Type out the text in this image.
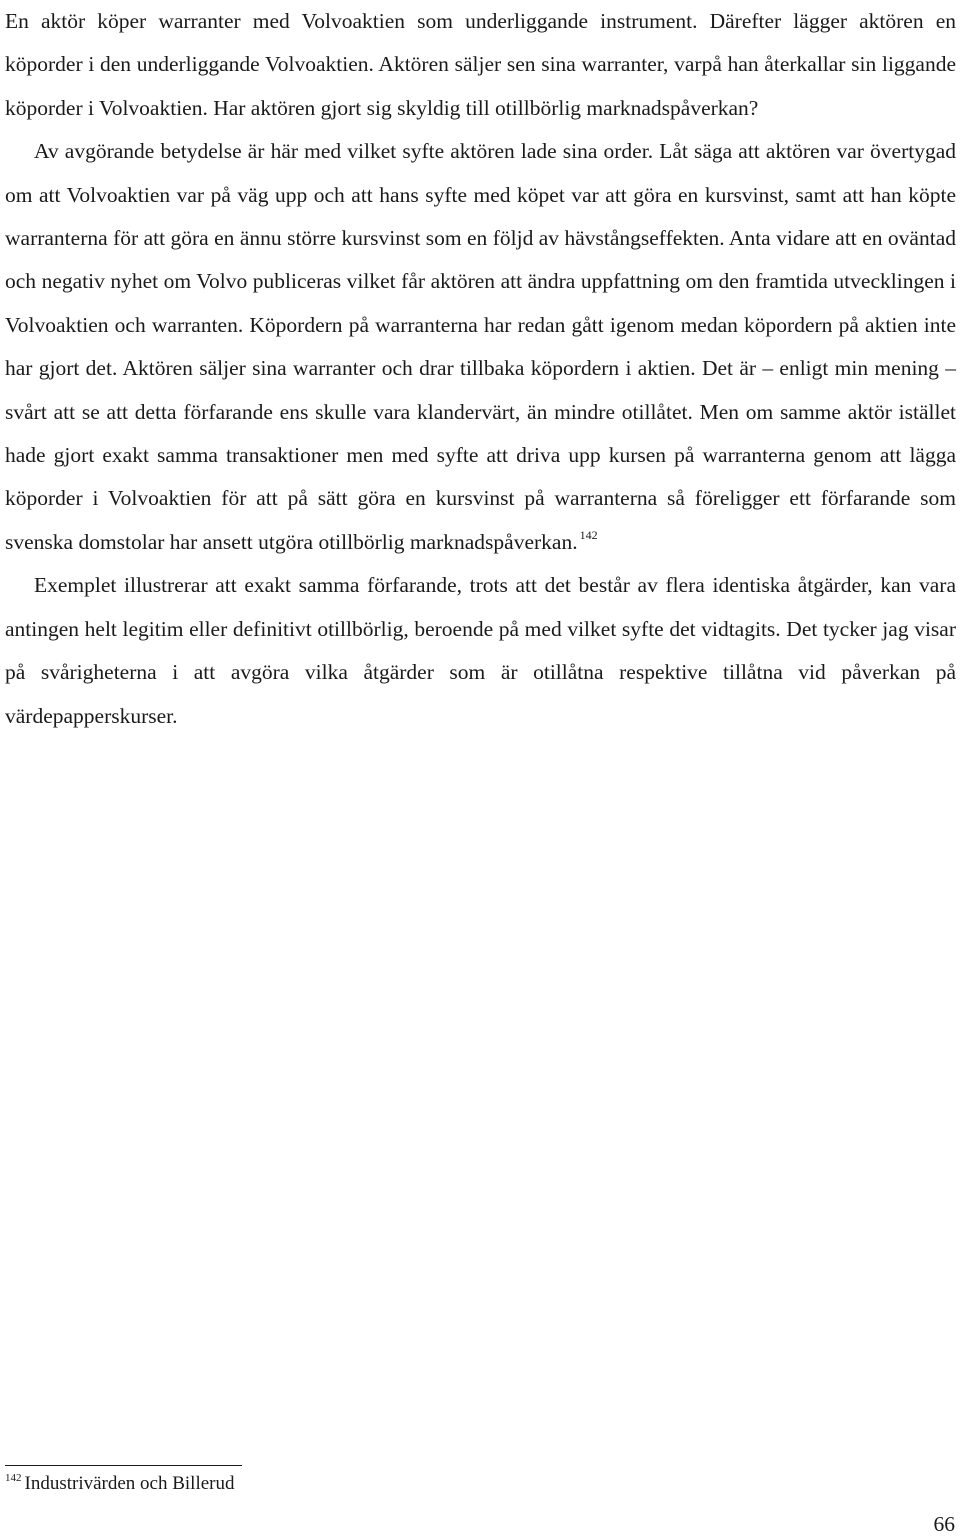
En aktör köper warranter med Volvoaktien som underliggande instrument. Därefter lägger aktören en köporder i den underliggande Volvoaktien. Aktören säljer sen sina warranter, varpå han återkallar sin liggande köporder i Volvoaktien. Har aktören gjort sig skyldig till otillbörlig marknadspåverkan?

Av avgörande betydelse är här med vilket syfte aktören lade sina order. Låt säga att aktören var övertygad om att Volvoaktien var på väg upp och att hans syfte med köpet var att göra en kursvinst, samt att han köpte warranterna för att göra en ännu större kursvinst som en följd av hävstångseffekten. Anta vidare att en oväntad och negativ nyhet om Volvo publiceras vilket får aktören att ändra uppfattning om den framtida utvecklingen i Volvoaktien och warranten. Köpordern på warranterna har redan gått igenom medan köpordern på aktien inte har gjort det. Aktören säljer sina warranter och drar tillbaka köpordern i aktien. Det är – enligt min mening – svårt att se att detta förfarande ens skulle vara klandervärt, än mindre otillåtet. Men om samme aktör istället hade gjort exakt samma transaktioner men med syfte att driva upp kursen på warranterna genom att lägga köporder i Volvoaktien för att på sätt göra en kursvinst på warranterna så föreligger ett förfarande som svenska domstolar har ansett utgöra otillbörlig marknadspåverkan. $^{142}$

Exemplet illustrerar att exakt samma förfarande, trots att det består av flera identiska åtgärder, kan vara antingen helt legitim eller definitivt otillbörlig, beroende på med vilket syfte det vidtagits. Det tycker jag visar på svårigheterna i att avgöra vilka åtgärder som är otillåtna respektive tillåtna vid påverkan på värdepapperskurser.

$^{142}$ Industrivärden och Billerud
66
